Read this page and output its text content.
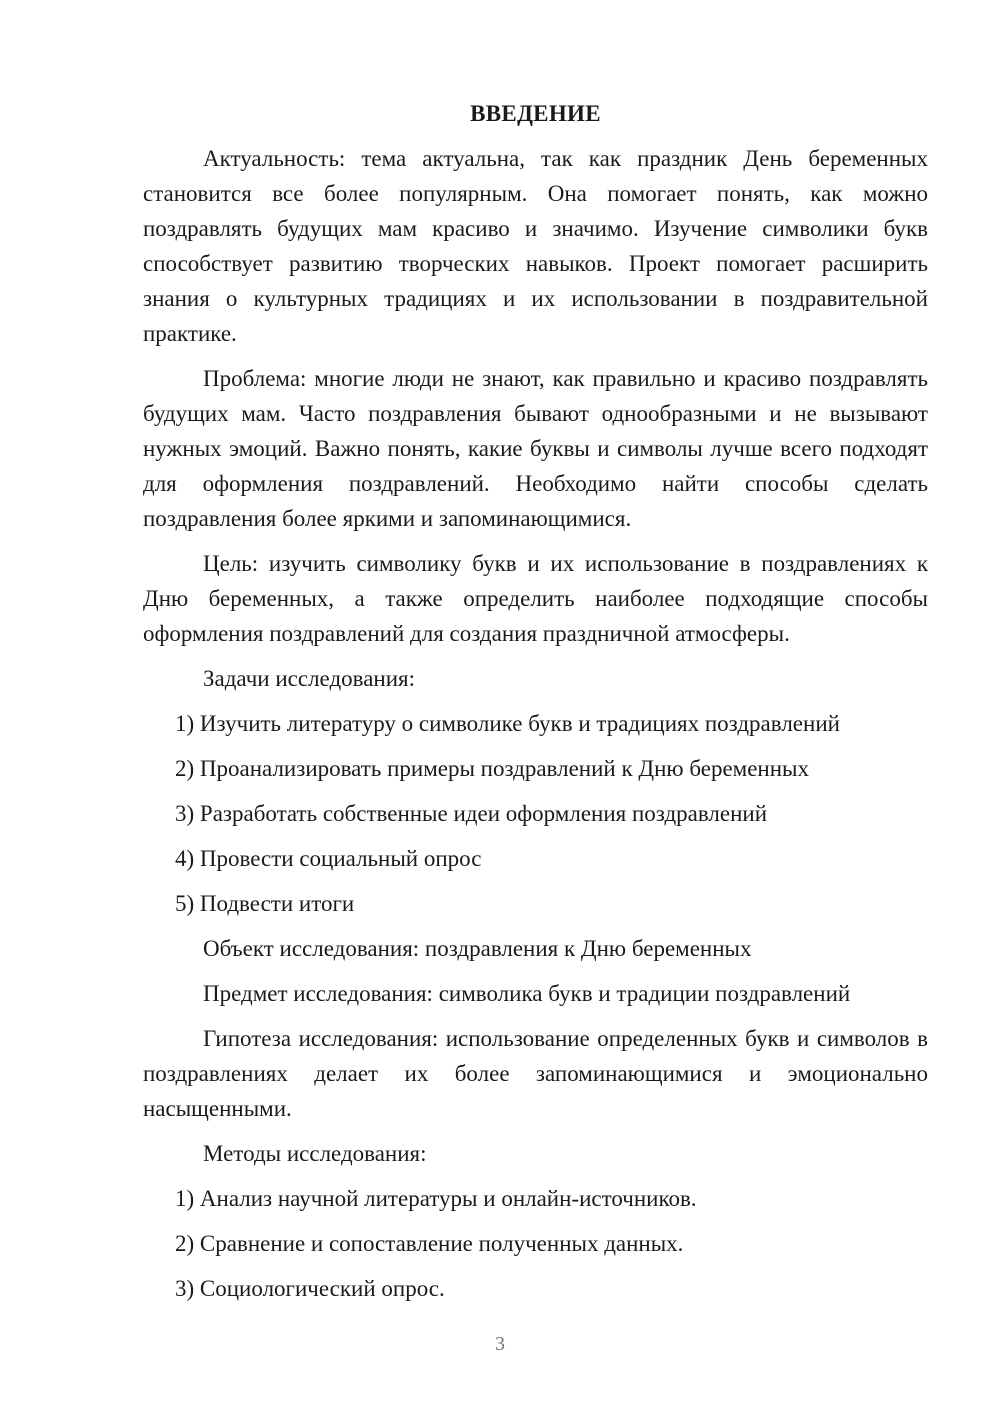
ВВЕДЕНИЕ

Актуальность: тема актуальна, так как праздник День беременных становится все более популярным. Она помогает понять, как можно поздравлять будущих мам красиво и значимо. Изучение символики букв способствует развитию творческих навыков. Проект помогает расширить знания о культурных традициях и их использовании в поздравительной практике.

Проблема: многие люди не знают, как правильно и красиво поздравлять будущих мам. Часто поздравления бывают однообразными и не вызывают нужных эмоций. Важно понять, какие буквы и символы лучше всего подходят для оформления поздравлений. Необходимо найти способы сделать поздравления более яркими и запоминающимися.

Цель: изучить символику букв и их использование в поздравлениях к Дню беременных, а также определить наиболее подходящие способы оформления поздравлений для создания праздничной атмосферы.

Задачи исследования:
1) Изучить литературу о символике букв и традициях поздравлений
2) Проанализировать примеры поздравлений к Дню беременных
3) Разработать собственные идеи оформления поздравлений
4) Провести социальный опрос
5) Подвести итоги
Объект исследования: поздравления к Дню беременных
Предмет исследования: символика букв и традиции поздравлений

Гипотеза исследования: использование определенных букв и символов в поздравлениях делает их более запоминающимися и эмоционально насыщенными.

Методы исследования:
1) Анализ научной литературы и онлайн-источников.
2) Сравнение и сопоставление полученных данных.
3) Социологический опрос.
3
